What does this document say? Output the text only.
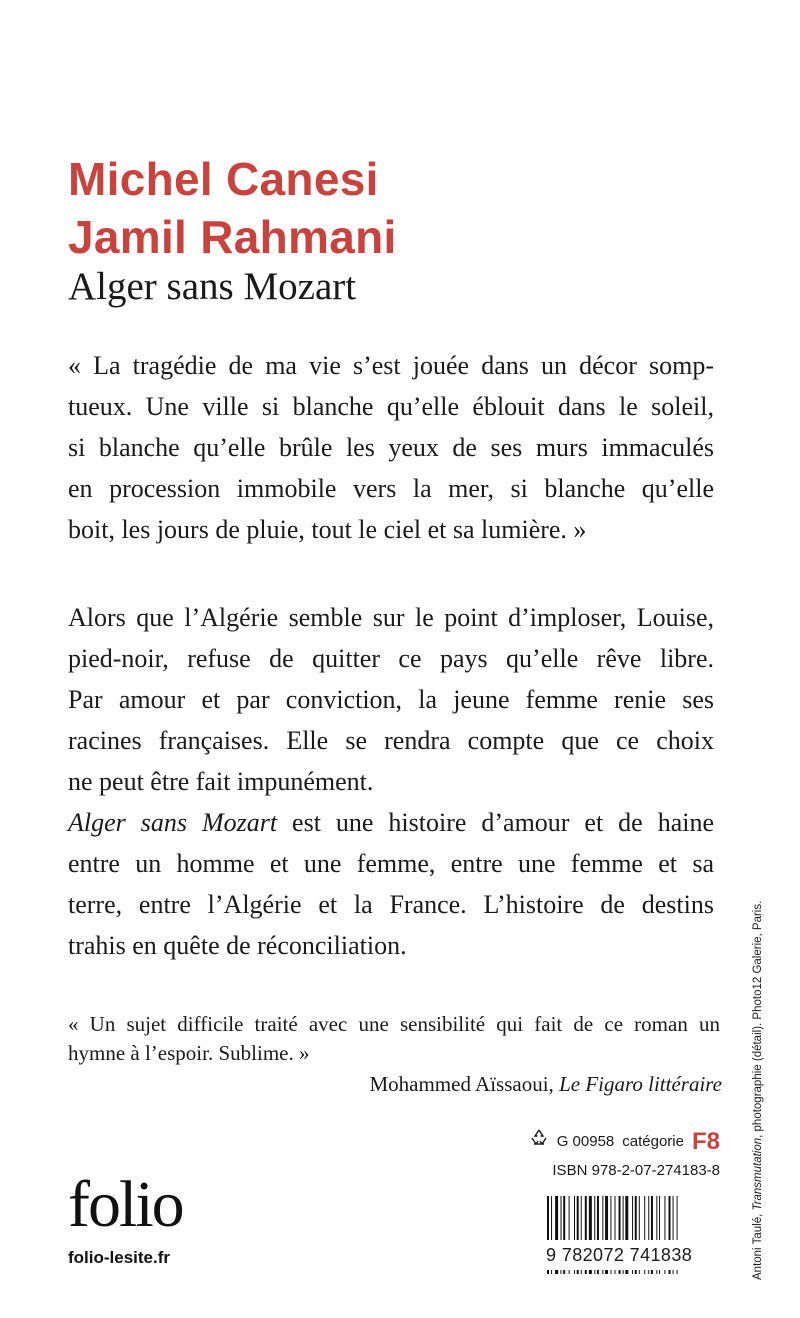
Michel Canesi
Jamil Rahmani
Alger sans Mozart
« La tragédie de ma vie s’est jouée dans un décor somp-
tueux. Une ville si blanche qu’elle éblouit dans le soleil,
si blanche qu’elle brûle les yeux de ses murs immaculés
en procession immobile vers la mer, si blanche qu’elle
boit, les jours de pluie, tout le ciel et sa lumière. »
Alors que l’Algérie semble sur le point d’imploser, Louise,
pied-noir, refuse de quitter ce pays qu’elle rêve libre.
Par amour et par conviction, la jeune femme renie ses
racines françaises. Elle se rendra compte que ce choix
ne peut être fait impunément.
Alger sans Mozart est une histoire d’amour et de haine
entre un homme et une femme, entre une femme et sa
terre, entre l’Algérie et la France. L’histoire de destins
trahis en quête de réconciliation.
« Un sujet difficile traité avec une sensibilité qui fait de ce roman un
hymne à l’espoir. Sublime. »
Mohammed Aïssaoui, Le Figaro littéraire
G 00958 catégorie F8
ISBN 978-2-07-274183-8
folio
folio-lesite.fr	9 782072 741838	Antoni Taulé, Transmutation, photographie (détail). Photo12 Galerie, Paris.
